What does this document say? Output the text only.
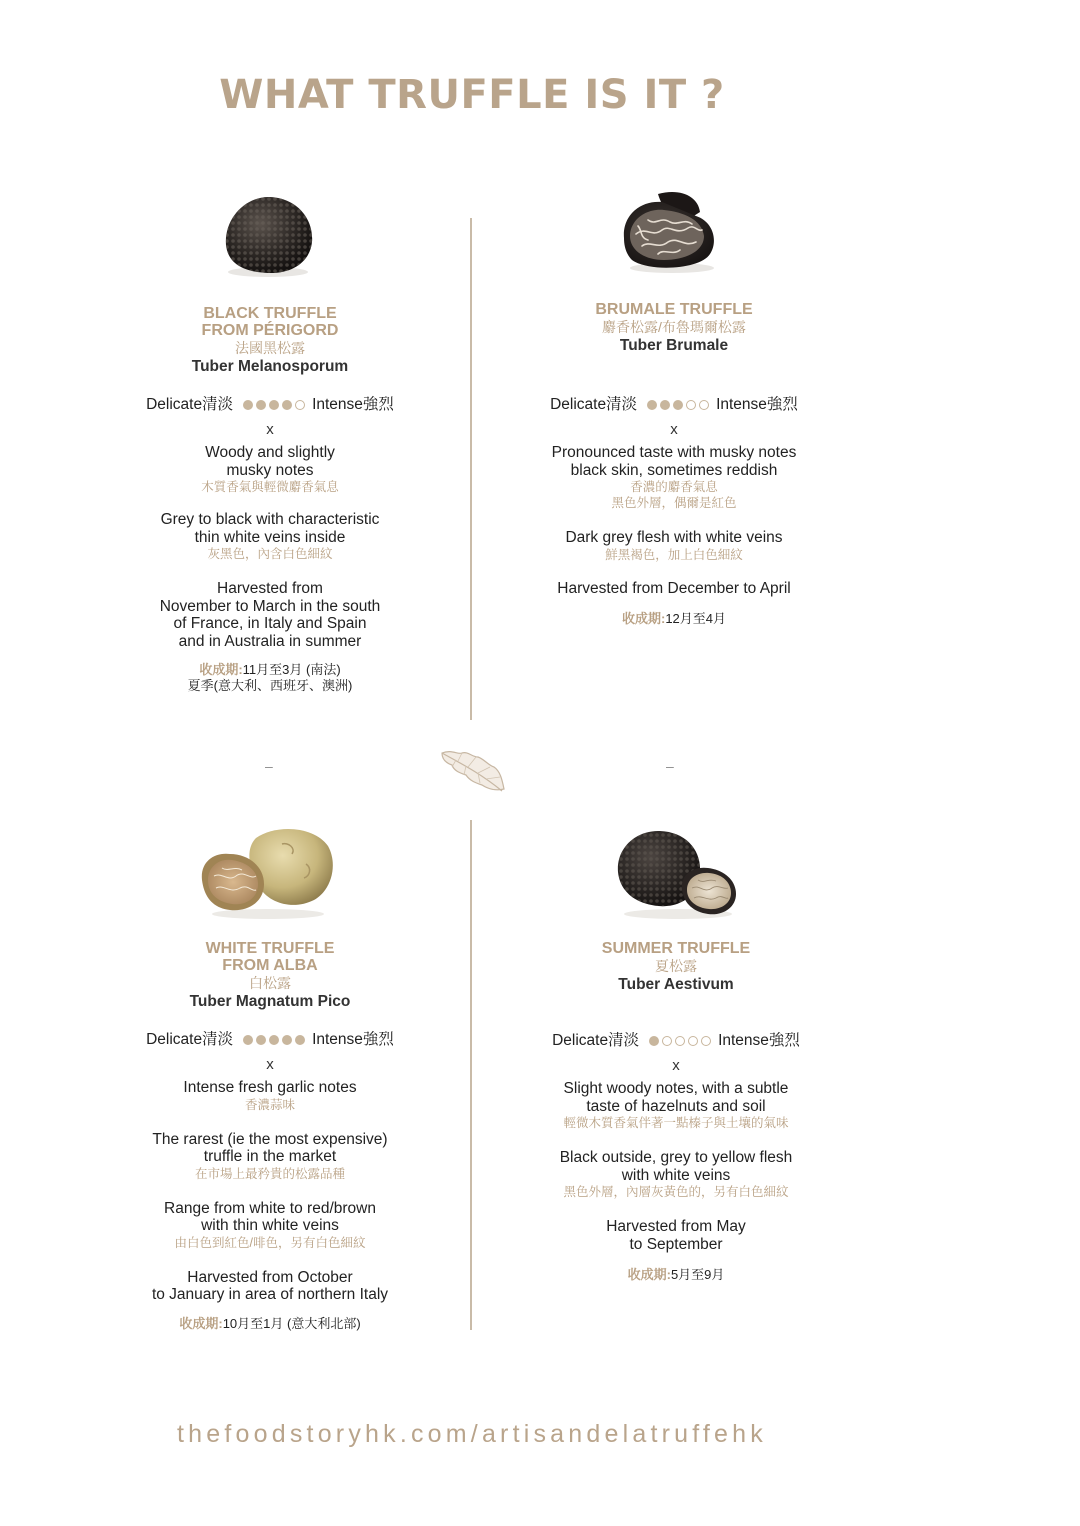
WHAT TRUFFLE IS IT ?
BLACK TRUFFLE
FROM PÉRIGORD
法國黑松露
Tuber Melanosporum
Delicate清淡	Intense強烈
x
Woody and slightly
musky notes
木質香氣與輕微麝香氣息
Grey to black with characteristic
thin white veins inside
灰黑色，內含白色細紋
Harvested from
November to March in the south
of France, in Italy and Spain
and in Australia in summer
收成期:11月至3月 (南法)
夏季(意大利、西班牙、澳洲)
BRUMALE TRUFFLE
麝香松露/布魯瑪爾松露
Tuber Brumale
Delicate清淡	Intense強烈
x
Pronounced taste with musky notes
black skin, sometimes reddish
香濃的麝香氣息
黑色外層，偶爾是紅色
Dark grey flesh with white veins
鮮黑褐色，加上白色細紋
Harvested from December to April
收成期:12月至4月
–	–
WHITE TRUFFLE
FROM ALBA
白松露
Tuber Magnatum Pico
Delicate清淡	Intense強烈
x
Intense fresh garlic notes
香濃蒜味
The rarest (ie the most expensive)
truffle in the market
在市場上最矜貴的松露品種
Range from white to red/brown
with thin white veins
由白色到紅色/啡色，另有白色細紋
Harvested from October
to January in area of northern Italy
收成期:10月至1月 (意大利北部)
SUMMER TRUFFLE
夏松露
Tuber Aestivum
Delicate清淡	Intense強烈
x
Slight woody notes, with a subtle
taste of hazelnuts and soil
輕微木質香氣伴著一點榛子與土壤的氣味
Black outside, grey to yellow flesh
with white veins
黑色外層，內層灰黃色的，另有白色細紋
Harvested from May
to September
收成期:5月至9月
thefoodstoryhk.com/artisandelatruffehk
